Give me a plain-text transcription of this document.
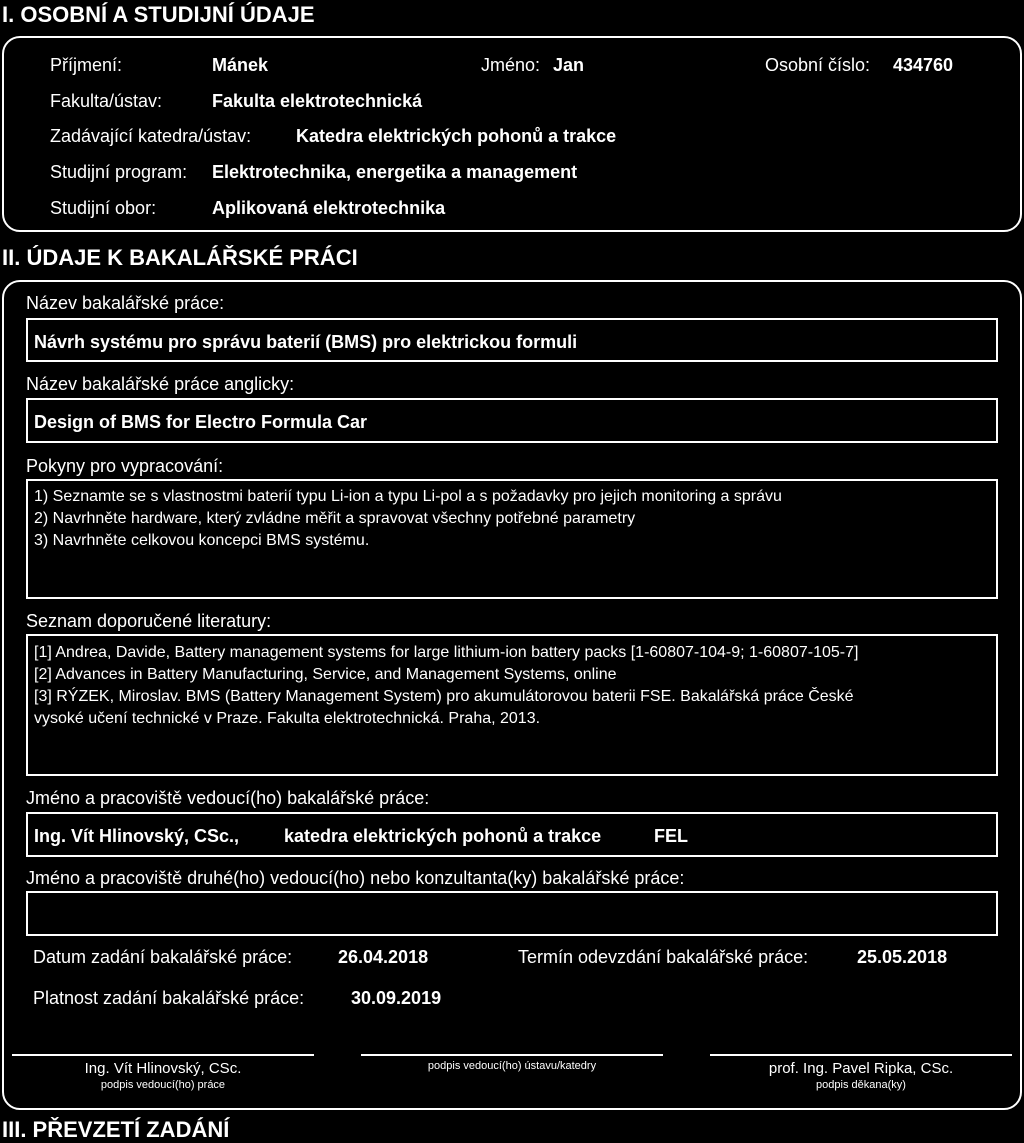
I. OSOBNÍ A STUDIJNÍ ÚDAJE
Příjmení:	Mánek	Jméno: Jan	Osobní číslo: 434760
Fakulta/ústav:	Fakulta elektrotechnická
Zadávající katedra/ústav: Katedra elektrických pohonů a trakce
Studijní program: Elektrotechnika, energetika a management
Studijní obor:	Aplikovaná elektrotechnika
II. ÚDAJE K BAKALÁŘSKÉ PRÁCI
Název bakalářské práce:
Návrh systému pro správu baterií (BMS) pro elektrickou formuli
Název bakalářské práce anglicky:
Design of BMS for Electro Formula Car
Pokyny pro vypracování:
1) Seznamte se s vlastnostmi baterií typu Li-ion a typu Li-pol a s požadavky pro jejich monitoring a správu
2) Navrhněte hardware, který zvládne měřit a spravovat všechny potřebné parametry
3) Navrhněte celkovou koncepci BMS systému.
Seznam doporučené literatury:
[1] Andrea, Davide, Battery management systems for large lithium-ion battery packs [1-60807-104-9; 1-60807-105-7]
[2] Advances in Battery Manufacturing, Service, and Management Systems, online
[3] RÝZEK, Miroslav. BMS (Battery Management System) pro akumulátorovou baterii FSE. Bakalářská práce České
vysoké učení technické v Praze. Fakulta elektrotechnická. Praha, 2013.
Jméno a pracoviště vedoucí(ho) bakalářské práce:
Ing. Vít Hlinovský, CSc., katedra elektrických pohonů a trakce	FEL
Jméno a pracoviště druhé(ho) vedoucí(ho) nebo konzultanta(ky) bakalářské práce:
Datum zadání bakalářské práce:	26.04.2018	Termín odevzdání bakalářské práce:	25.05.2018
Platnost zadání bakalářské práce:	30.09.2019
Ing. Vít Hlinovský, CSc.
podpis vedoucí(ho) práce
podpis vedoucí(ho) ústavu/katedry	prof. Ing. Pavel Ripka, CSc.
podpis děkana(ky)
III. PŘEVZETÍ ZADÁNÍ
